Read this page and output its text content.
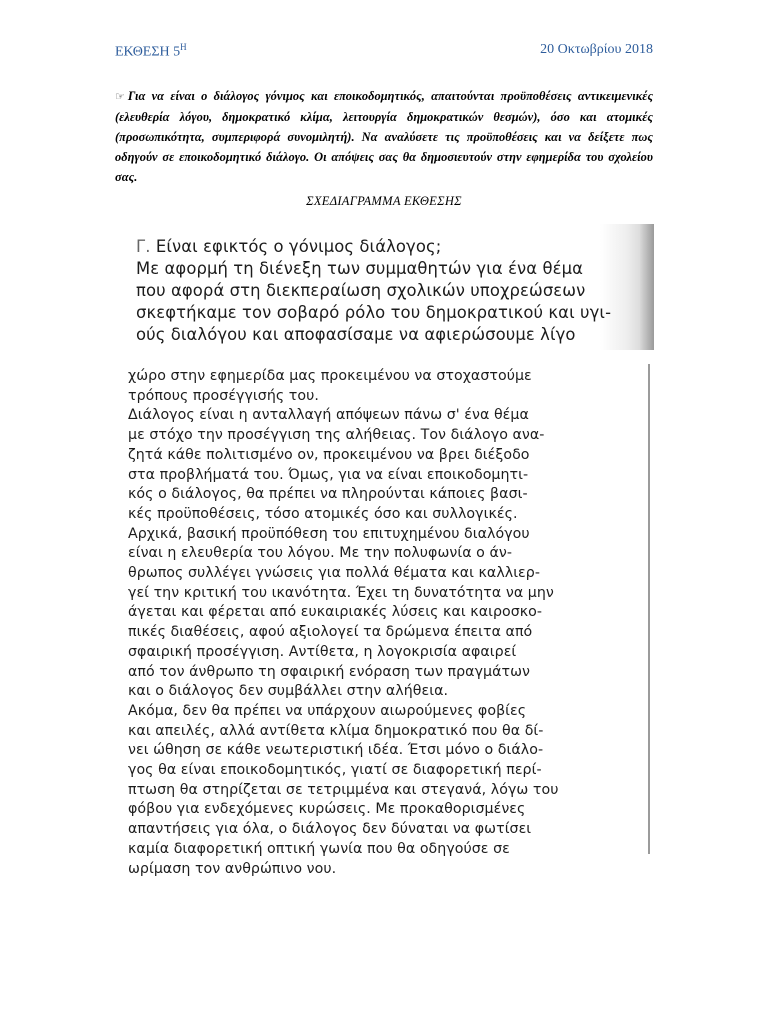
ΕΚΘΕΣΗ $5^H$	20 Οκτωβρίου 2018
☞ Για να είναι ο διάλογος γόνιμος και εποικοδομητικός, απαιτούνται προϋποθέσεις αντικειμενικές (ελευθερία λόγου, δημοκρατικό κλίμα, λειτουργία δημοκρατικών θεσμών), όσο και ατομικές (προσωπικότητα, συμπεριφορά συνομιλητή). Να αναλύσετε τις προϋποθέσεις και να δείξετε πως οδηγούν σε εποικοδομητικό διάλογο. Οι απόψεις σας θα δημοσιευτούν στην εφημερίδα του σχολείου σας.
ΣΧΕΔΙΑΓΡΑΜΜΑ ΕΚΘΕΣΗΣ

Γ. Είναι εφικτός ο γόνιμος διάλογος;

Με αφορμή τη διένεξη των συμμαθητών για ένα θέμα

που αφορά στη διεκπεραίωση σχολικών υποχρεώσεων

σκεφτήκαμε τον σοβαρό ρόλο του δημοκρατικού και υγι-

ούς διαλόγου και αποφασίσαμε να αφιερώσουμε λίγο

χώρο στην εφημερίδα μας προκειμένου να στοχαστούμε

τρόπους προσέγγισής του.

Διάλογος είναι η ανταλλαγή απόψεων πάνω σ' ένα θέμα

με στόχο την προσέγγιση της αλήθειας. Τον διάλογο ανα-

ζητά κάθε πολιτισμένο ον, προκειμένου να βρει διέξοδο

στα προβλήματά του. Όμως, για να είναι εποικοδομητι-

κός ο διάλογος, θα πρέπει να πληρούνται κάποιες βασι-

κές προϋποθέσεις, τόσο ατομικές όσο και συλλογικές.

Αρχικά, βασική προϋπόθεση του επιτυχημένου διαλόγου

είναι η ελευθερία του λόγου. Με την πολυφωνία ο άν-

θρωπος συλλέγει γνώσεις για πολλά θέματα και καλλιερ-

γεί την κριτική του ικανότητα. Έχει τη δυνατότητα να μην

άγεται και φέρεται από ευκαιριακές λύσεις και καιροσκο-

πικές διαθέσεις, αφού αξιολογεί τα δρώμενα έπειτα από

σφαιρική προσέγγιση. Αντίθετα, η λογοκρισία αφαιρεί

από τον άνθρωπο τη σφαιρική ενόραση των πραγμάτων

και ο διάλογος δεν συμβάλλει στην αλήθεια.

Ακόμα, δεν θα πρέπει να υπάρχουν αιωρούμενες φοβίες

και απειλές, αλλά αντίθετα κλίμα δημοκρατικό που θα δί-

νει ώθηση σε κάθε νεωτεριστική ιδέα. Έτσι μόνο ο διάλο-

γος θα είναι εποικοδομητικός, γιατί σε διαφορετική περί-

πτωση θα στηρίζεται σε τετριμμένα και στεγανά, λόγω του

φόβου για ενδεχόμενες κυρώσεις. Με προκαθορισμένες

απαντήσεις για όλα, ο διάλογος δεν δύναται να φωτίσει

καμία διαφορετική οπτική γωνία που θα οδηγούσε σε

ωρίμαση τον ανθρώπινο νου.
